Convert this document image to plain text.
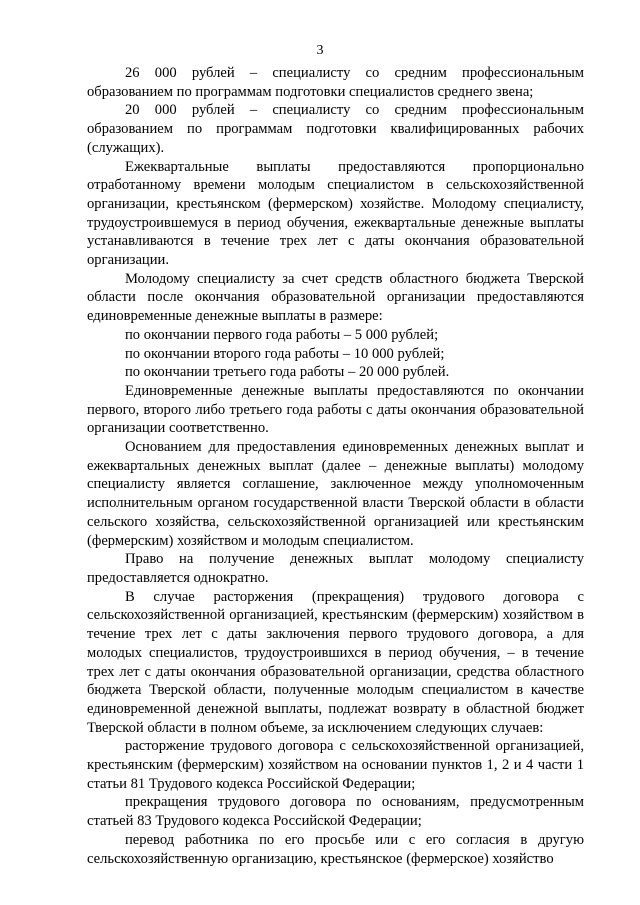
3

26 000 рублей – специалисту со средним профессиональным образованием по программам подготовки специалистов среднего звена;

20 000 рублей – специалисту со средним профессиональным образованием по программам подготовки квалифицированных рабочих (служащих).

Ежеквартальные выплаты предоставляются пропорционально отработанному времени молодым специалистом в сельскохозяйственной организации, крестьянском (фермерском) хозяйстве. Молодому специалисту, трудоустроившемуся в период обучения, ежеквартальные денежные выплаты устанавливаются в течение трех лет с даты окончания образовательной организации.

Молодому специалисту за счет средств областного бюджета Тверской области после окончания образовательной организации предоставляются единовременные денежные выплаты в размере:

по окончании первого года работы – 5 000 рублей;

по окончании второго года работы – 10 000 рублей;

по окончании третьего года работы – 20 000 рублей.

Единовременные денежные выплаты предоставляются по окончании первого, второго либо третьего года работы с даты окончания образовательной организации соответственно.

Основанием для предоставления единовременных денежных выплат и ежеквартальных денежных выплат (далее – денежные выплаты) молодому специалисту является соглашение, заключенное между уполномоченным исполнительным органом государственной власти Тверской области в области сельского хозяйства, сельскохозяйственной организацией или крестьянским (фермерским) хозяйством и молодым специалистом.

Право на получение денежных выплат молодому специалисту предоставляется однократно.

В случае расторжения (прекращения) трудового договора с сельскохозяйственной организацией, крестьянским (фермерским) хозяйством в течение трех лет с даты заключения первого трудового договора, а для молодых специалистов, трудоустроившихся в период обучения, – в течение трех лет с даты окончания образовательной организации, средства областного бюджета Тверской области, полученные молодым специалистом в качестве единовременной денежной выплаты, подлежат возврату в областной бюджет Тверской области в полном объеме, за исключением следующих случаев:

расторжение трудового договора с сельскохозяйственной организацией, крестьянским (фермерским) хозяйством на основании пунктов 1, 2 и 4 части 1 статьи 81 Трудового кодекса Российской Федерации;

прекращения трудового договора по основаниям, предусмотренным статьей 83 Трудового кодекса Российской Федерации;

перевод работника по его просьбе или с его согласия в другую сельскохозяйственную организацию, крестьянское (фермерское) хозяйство
